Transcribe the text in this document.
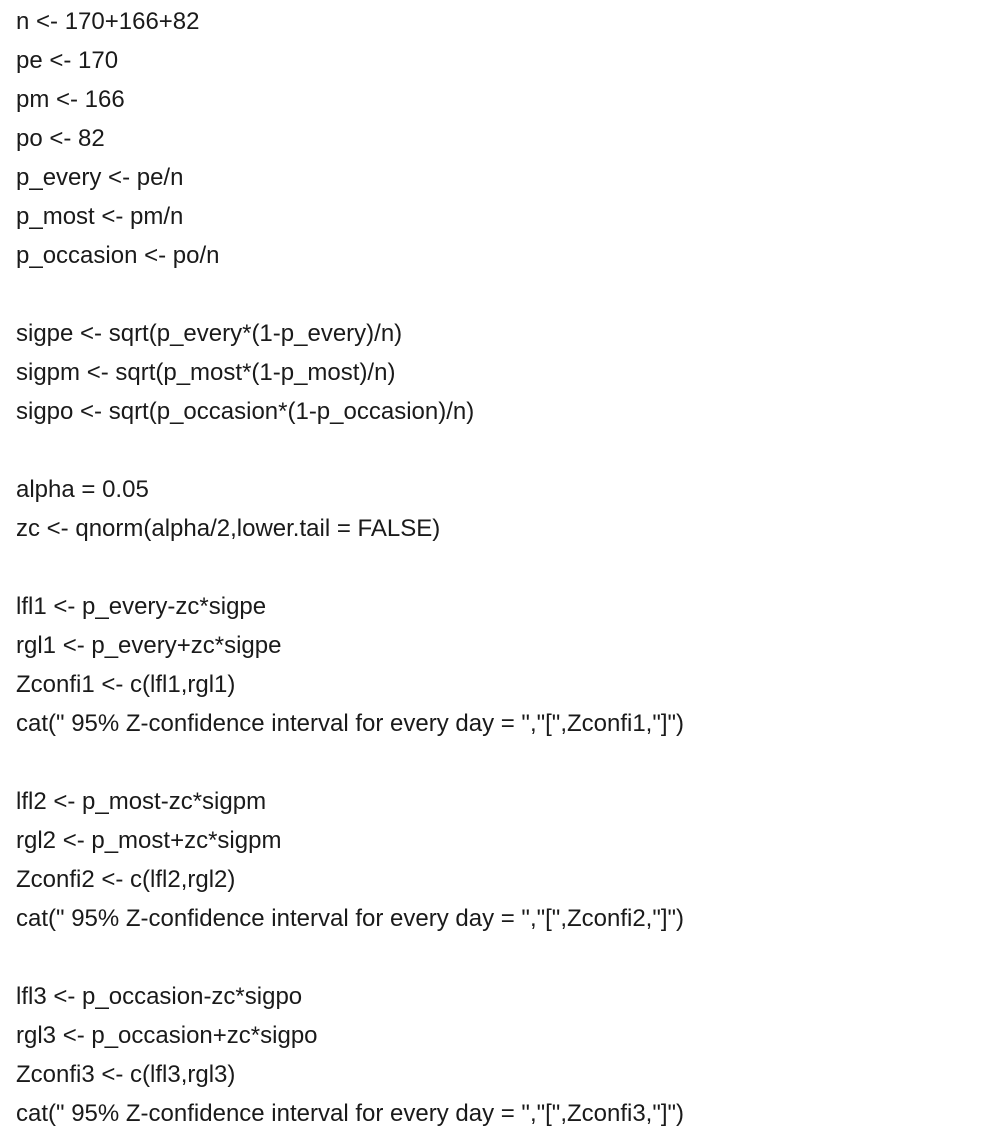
n <- 170+166+82
pe <- 170
pm <- 166
po <- 82
p_every <- pe/n
p_most <- pm/n
p_occasion <- po/n
sigpe <- sqrt(p_every*(1-p_every)/n)
sigpm <- sqrt(p_most*(1-p_most)/n)
sigpo <- sqrt(p_occasion*(1-p_occasion)/n)
alpha = 0.05
zc <- qnorm(alpha/2,lower.tail = FALSE)
lfl1 <- p_every-zc*sigpe
rgl1 <- p_every+zc*sigpe
Zconfi1 <- c(lfl1,rgl1)
cat(" 95% Z-confidence interval for every day = ","[",Zconfi1,"]")
lfl2 <- p_most-zc*sigpm
rgl2 <- p_most+zc*sigpm
Zconfi2 <- c(lfl2,rgl2)
cat(" 95% Z-confidence interval for every day = ","[",Zconfi2,"]")
lfl3 <- p_occasion-zc*sigpo
rgl3 <- p_occasion+zc*sigpo
Zconfi3 <- c(lfl3,rgl3)
cat(" 95% Z-confidence interval for every day = ","[",Zconfi3,"]")
